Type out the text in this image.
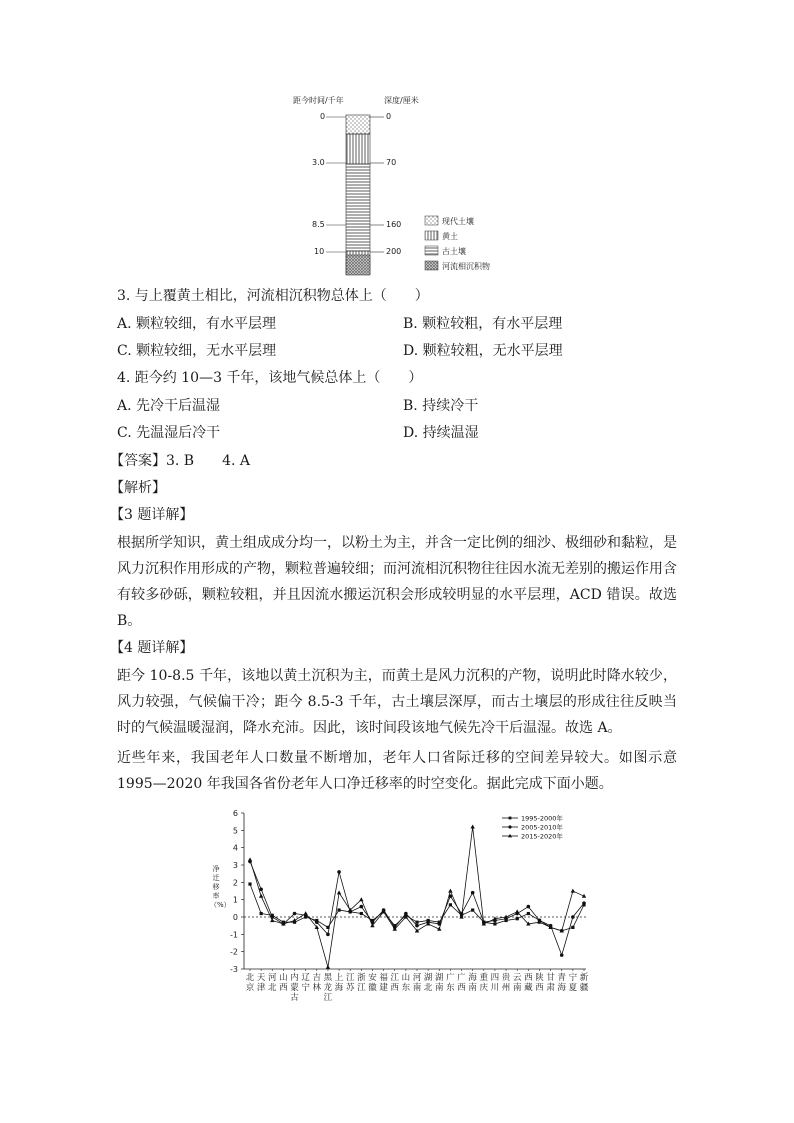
距今时间/千年	深度/厘米
0
3.0
8.5
10
0
70
160
200
现代土壤
黄土
古土壤
河流相沉积物
3. 与上覆黄土相比，河流相沉积物总体上（　　）
A. 颗粒较细，有水平层理	B. 颗粒较粗，有水平层理
C. 颗粒较细，无水平层理	D. 颗粒较粗，无水平层理
4. 距今约 10—3 千年，该地气候总体上（　　）
A. 先冷干后温湿	B. 持续冷干
C. 先温湿后冷干	D. 持续温湿
【答案】3. B　　4. A
【解析】
【3 题详解】
根据所学知识，黄土组成成分均一，以粉土为主，并含一定比例的细沙、极细砂和黏粒，是风力沉积作用形成的产物，颗粒普遍较细；而河流相沉积物往往因水流无差别的搬运作用含有较多砂砾，颗粒较粗，并且因流水搬运沉积会形成较明显的水平层理，ACD 错误。故选 B。
【4 题详解】
距今 10-8.5 千年，该地以黄土沉积为主，而黄土是风力沉积的产物，说明此时降水较少，风力较强，气候偏干冷；距今 8.5-3 千年，古土壤层深厚，而古土壤层的形成往往反映当时的气候温暖湿润，降水充沛。因此，该时间段该地气候先冷干后温湿。故选 A。
近些年来，我国老年人口数量不断增加，老年人口省际迁移的空间差异较大。如图示意 1995—2020 年我国各省份老年人口净迁移率的时空变化。据此完成下面小题。
6
5
4
3
2
1
0
-1
-2
-3
北
京
天
津
河
北
山
西
内
蒙
古
辽
宁
吉
林
黑
龙
江
上
海
江
苏
浙
江
安
徽
福
建
江
西
山
东
河
南
湖
北
湖
南
广
东
广
西
海
南
重
庆
四
川
贵
州
云
南
西
藏
陕
西
甘
肃
青
海
宁
夏
新
疆
1995-2000年
2005-2010年
2015-2020年
净迁移率（%）
